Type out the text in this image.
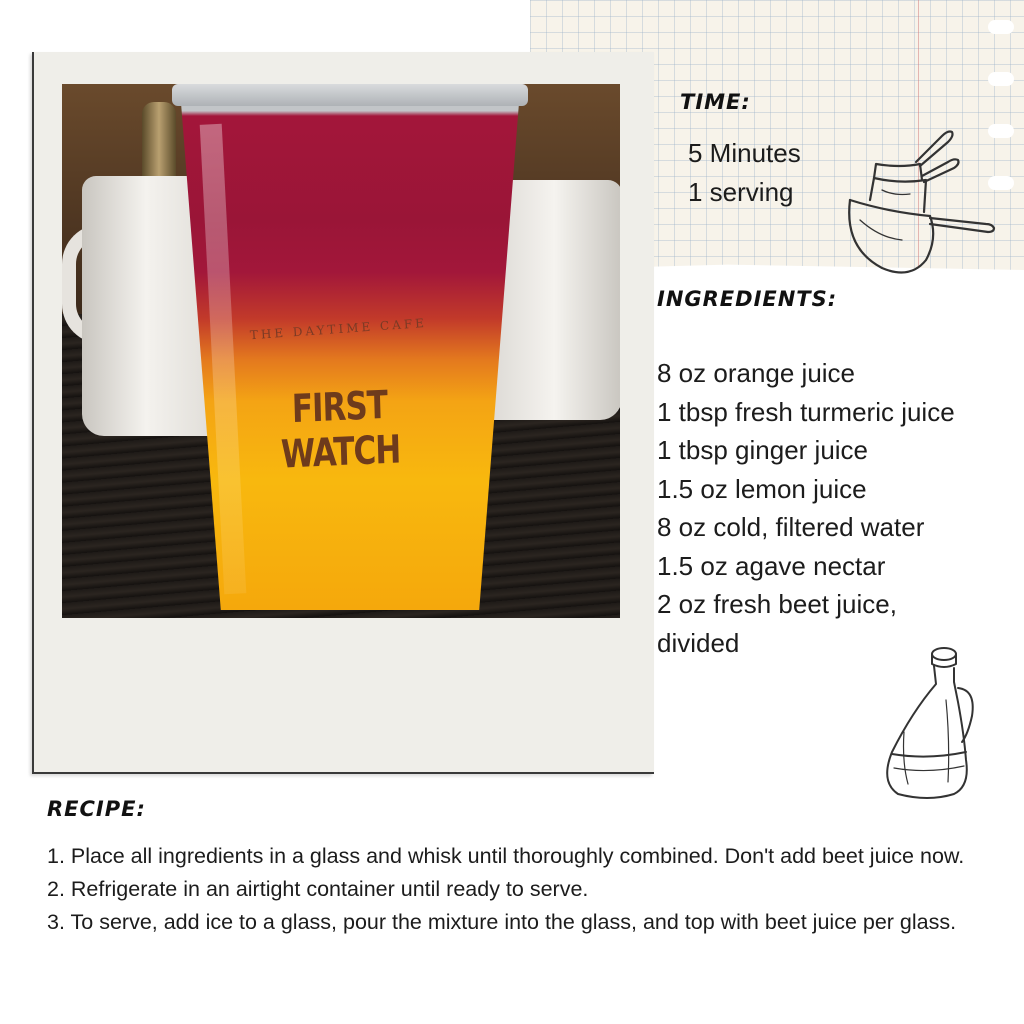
THE DAYTIME CAFE
FIRST WATCH
TIME:
5 Minutes
1 serving
INGREDIENTS:
8 oz orange juice
1 tbsp fresh turmeric juice
1 tbsp ginger juice
1.5 oz lemon juice
8 oz cold, filtered water
1.5 oz agave nectar
2 oz fresh beet juice,
divided
RECIPE:
1. Place all ingredients in a glass and whisk until thoroughly combined. Don't add beet juice now.
2. Refrigerate in an airtight container until ready to serve.
3. To serve, add ice to a glass, pour the mixture into the glass, and top with beet juice per glass.
